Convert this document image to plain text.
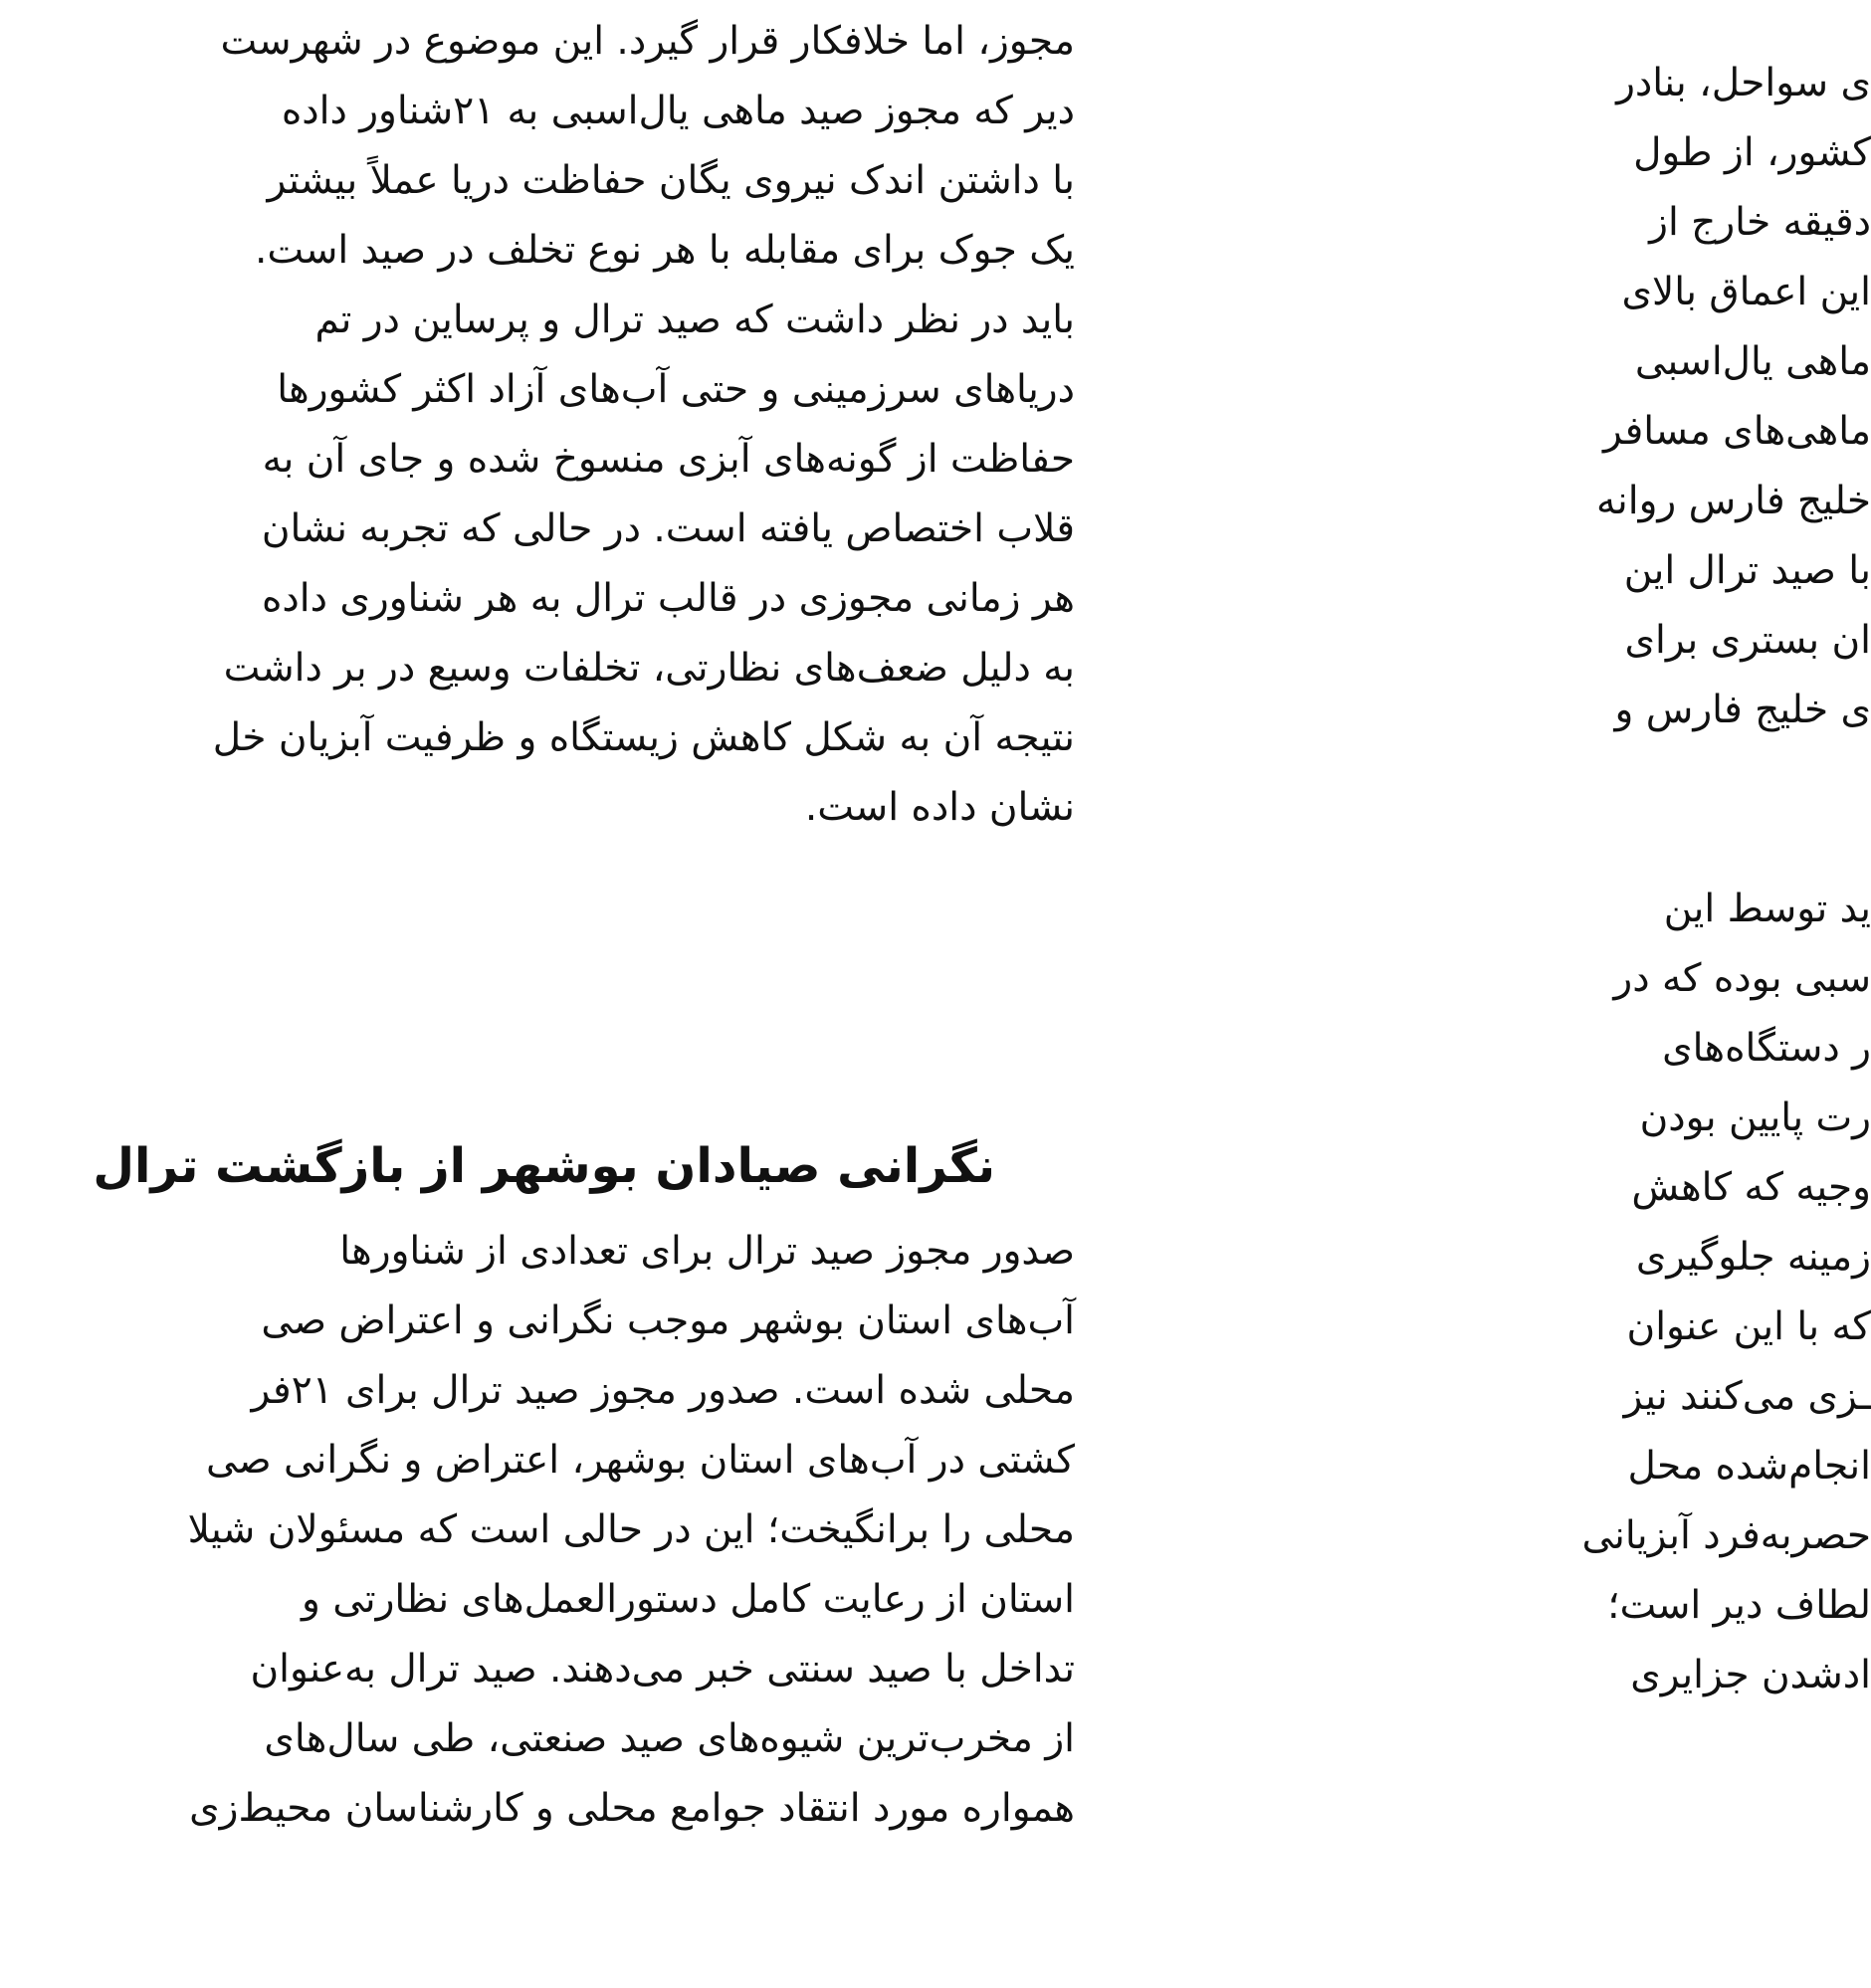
مجوز، اما خلافکار قرار گیرد. این موضوع در شهرست
دیر که مجوز صید ماهی یال‌اسبی به ۲۱شناور داده
با داشتن اندک نیروی یگان حفاظت دریا عملاً بیشتر
یک جوک برای مقابله با هر نوع تخلف در صید است.
باید در نظر داشت که صید ترال و پرساین در تم
دریاهای سرزمینی و حتی آب‌های آزاد اکثر کشورها
حفاظت از گونه‌های آبزی منسوخ شده و جای آن به
قلاب اختصاص یافته است. در حالی که تجربه نشان
هر زمانی مجوزی در قالب ترال به هر شناوری داده
به دلیل ضعف‌های نظارتی، تخلفات وسیع در بر داشت
نتیجه آن به شکل کاهش زیستگاه و ظرفیت آبزیان خل
نشان داده است.
نگرانی صیادان بوشهر از بازگشت ترال
صدور مجوز صید ترال برای تعدادی از شناورها
آب‌های استان بوشهر موجب نگرانی و اعتراض صی
محلی شده است. صدور مجوز صید ترال برای ۲۱فر
کشتی در آب‌های استان بوشهر، اعتراض و نگرانی صی
محلی را برانگیخت؛ این در حالی است که مسئولان شیلا
استان از رعایت کامل دستورالعمل‌های نظارتی و
تداخل با صید سنتی خبر می‌دهند. صید ترال به‌عنوان
از مخرب‌ترین شیوه‌های صید صنعتی، طی سال‌های
همواره مورد انتقاد جوامع محلی و کارشناسان محیط‌زی
ی سواحل، بنادر
کشور، از طول
دقیقه خارج از
این اعماق بالای
ماهی یال‌اسبی
ماهی‌های مسافر
خلیج فارس روانه
با صید ترال این
ان بستری برای
ی خلیج فارس و
ید توسط این
سبی بوده که در
ر دستگاه‌های
رت پایین بودن
وجیه که کاهش
زمینه جلوگیری
که با این عنوان
ـزی می‌کنند نیز
انجام‌شده محل
حصربه‌فرد آبزیانی
لطاف دیر است؛
ادشدن جزایری
